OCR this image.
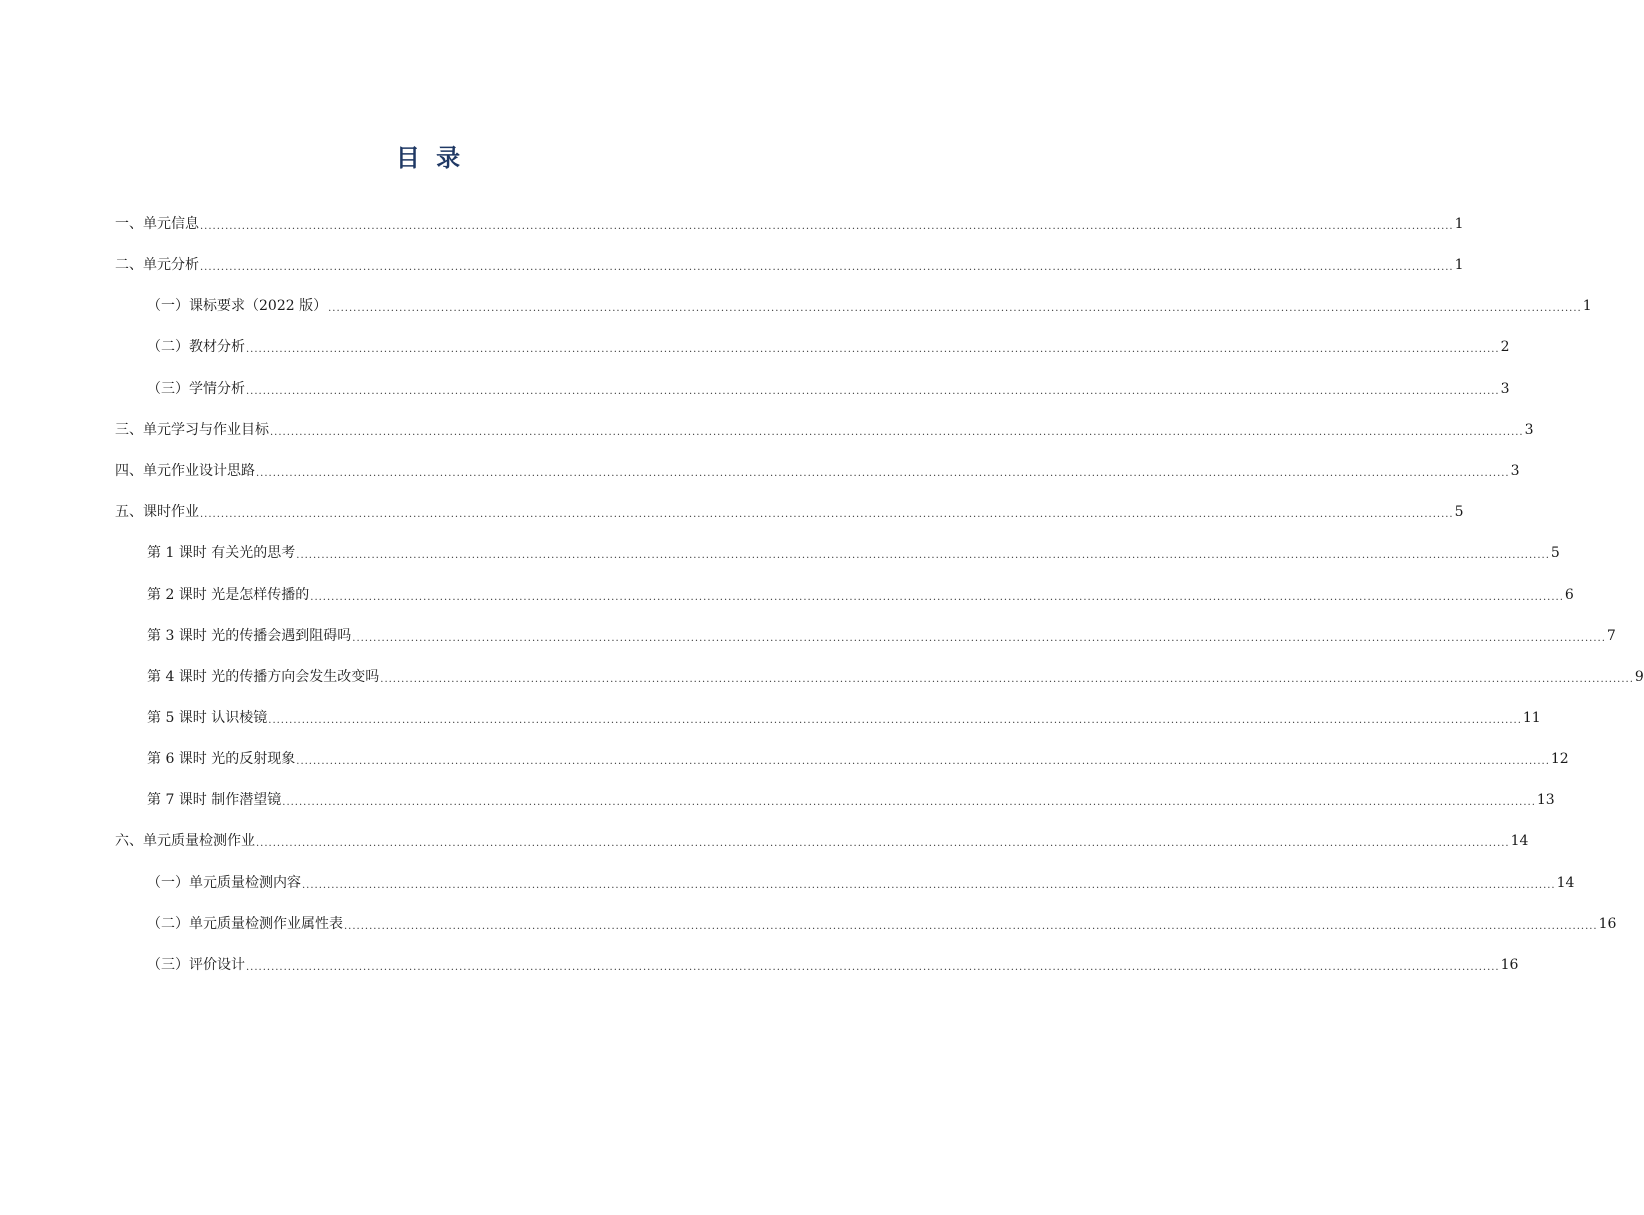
目 录
一、单元信息 ............................................................................................................................................................................................................................................................................................................ 1
二、单元分析 ............................................................................................................................................................................................................................................................................................................ 1
（一）课标要求（2022 版） ............................................................................................................................................................................................................................................................................................................ 1
（二）教材分析 ............................................................................................................................................................................................................................................................................................................ 2
（三）学情分析 ............................................................................................................................................................................................................................................................................................................ 3
三、单元学习与作业目标 ............................................................................................................................................................................................................................................................................................................ 3
四、单元作业设计思路 ............................................................................................................................................................................................................................................................................................................ 3
五、课时作业 ............................................................................................................................................................................................................................................................................................................ 5
第 1 课时 有关光的思考 ............................................................................................................................................................................................................................................................................................................ 5
第 2 课时 光是怎样传播的 ............................................................................................................................................................................................................................................................................................................ 6
第 3 课时 光的传播会遇到阻碍吗 ............................................................................................................................................................................................................................................................................................................ 7
第 4 课时 光的传播方向会发生改变吗 ............................................................................................................................................................................................................................................................................................................ 9
第 5 课时 认识棱镜 ............................................................................................................................................................................................................................................................................................................ 11
第 6 课时 光的反射现象 ............................................................................................................................................................................................................................................................................................................ 12
第 7 课时 制作潜望镜 ............................................................................................................................................................................................................................................................................................................ 13
六、单元质量检测作业 ............................................................................................................................................................................................................................................................................................................ 14
（一）单元质量检测内容 ............................................................................................................................................................................................................................................................................................................ 14
（二）单元质量检测作业属性表 ............................................................................................................................................................................................................................................................................................................ 16
（三）评价设计 ............................................................................................................................................................................................................................................................................................................ 16
